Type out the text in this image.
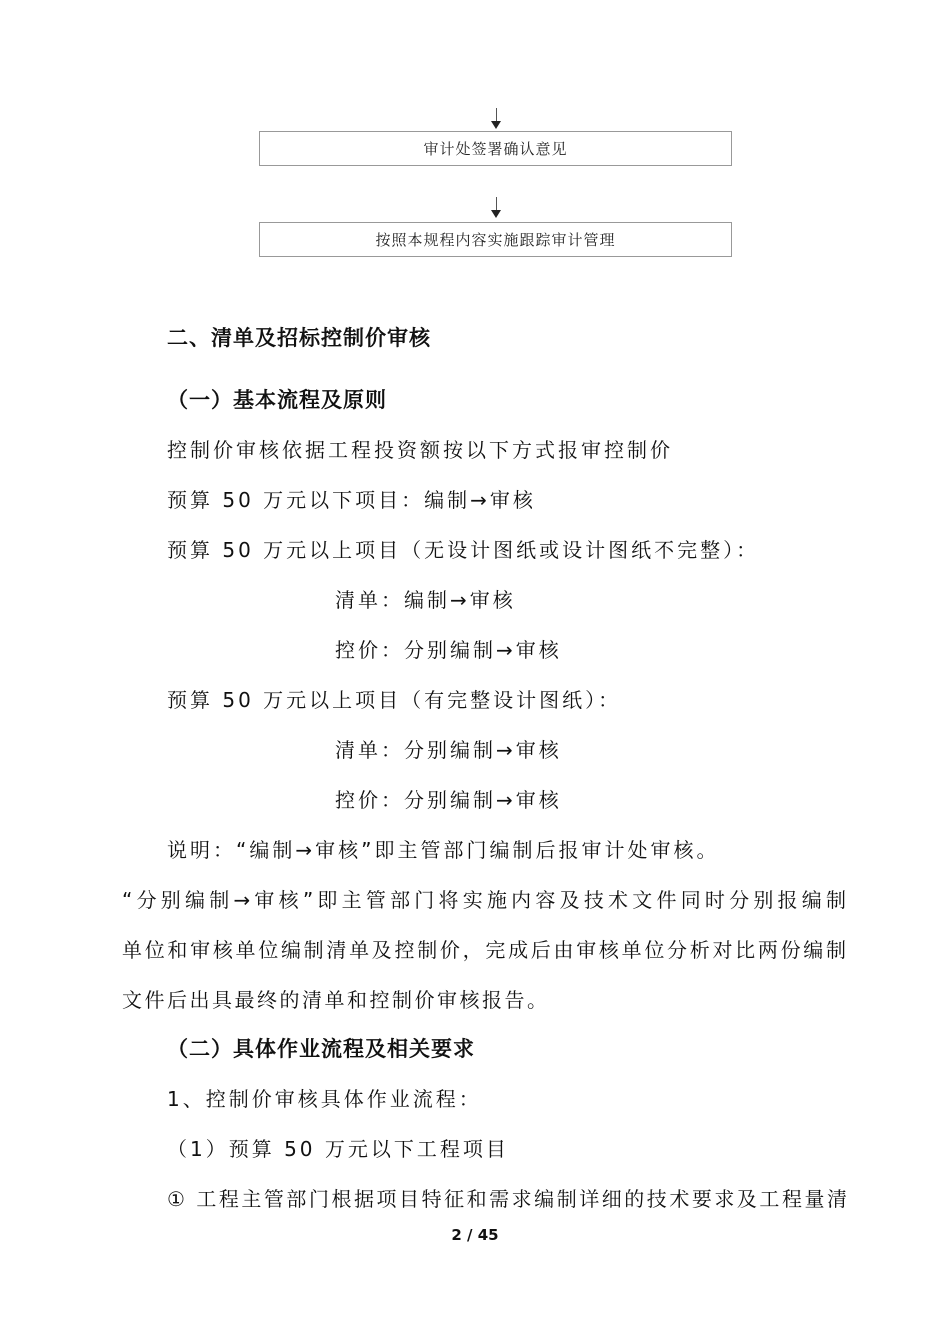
审计处签署确认意见
按照本规程内容实施跟踪审计管理
二、清单及招标控制价审核
（一）基本流程及原则
控制价审核依据工程投资额按以下方式报审控制价
预算 50 万元以下项目：编制→审核
预算 50 万元以上项目（无设计图纸或设计图纸不完整）：
清单：编制→审核
控价：分别编制→审核
预算 50 万元以上项目（有完整设计图纸）：
清单：分别编制→审核
控价：分别编制→审核
说明：“编制→审核”即主管部门编制后报审计处审核。
“分别编制→审核”即主管部门将实施内容及技术文件同时分别报编制
单位和审核单位编制清单及控制价，完成后由审核单位分析对比两份编制
文件后出具最终的清单和控制价审核报告。
（二）具体作业流程及相关要求
1、控制价审核具体作业流程：
（1）预算 50 万元以下工程项目
① 工程主管部门根据项目特征和需求编制详细的技术要求及工程量清
2 / 45
